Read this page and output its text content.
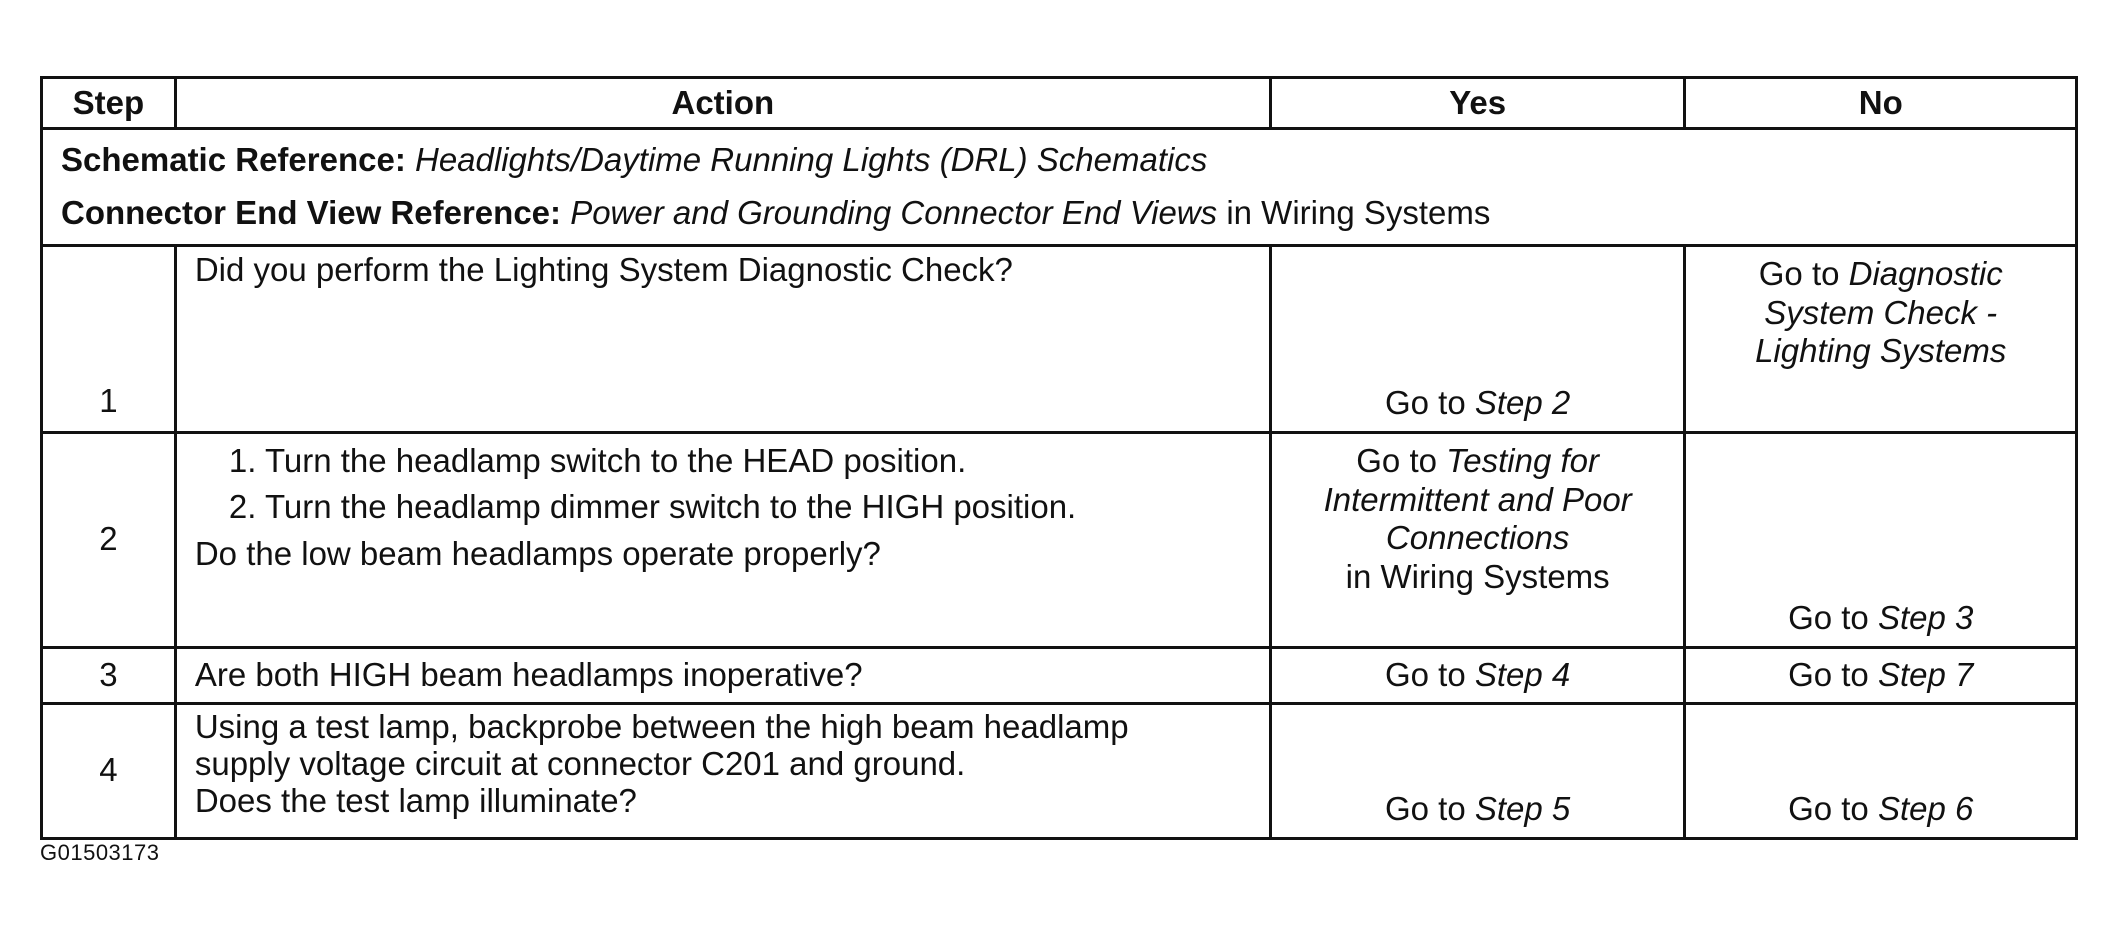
Step	Action	Yes	No

Schematic Reference: Headlights/Daytime Running Lights (DRL) Schematics
Connector End View Reference: Power and Grounding Connector End Views in Wiring Systems			

1	Did you perform the Lighting System Diagnostic Check?	Go to Step 2	Go to Diagnostic System Check - Lighting Systems
2	1. Turn the headlamp switch to the HEAD position.
2. Turn the headlamp dimmer switch to the HIGH position.
Do the low beam headlamps operate properly?	Go to Testing for Intermittent and Poor Connections
in Wiring Systems	Go to Step 3
3	Are both HIGH beam headlamps inoperative?	Go to Step 4	Go to Step 7
4	Using a test lamp, backprobe between the high beam headlamp
supply voltage circuit at connector C201 and ground.
Does the test lamp illuminate?	Go to Step 5	Go to Step 6
G01503173
